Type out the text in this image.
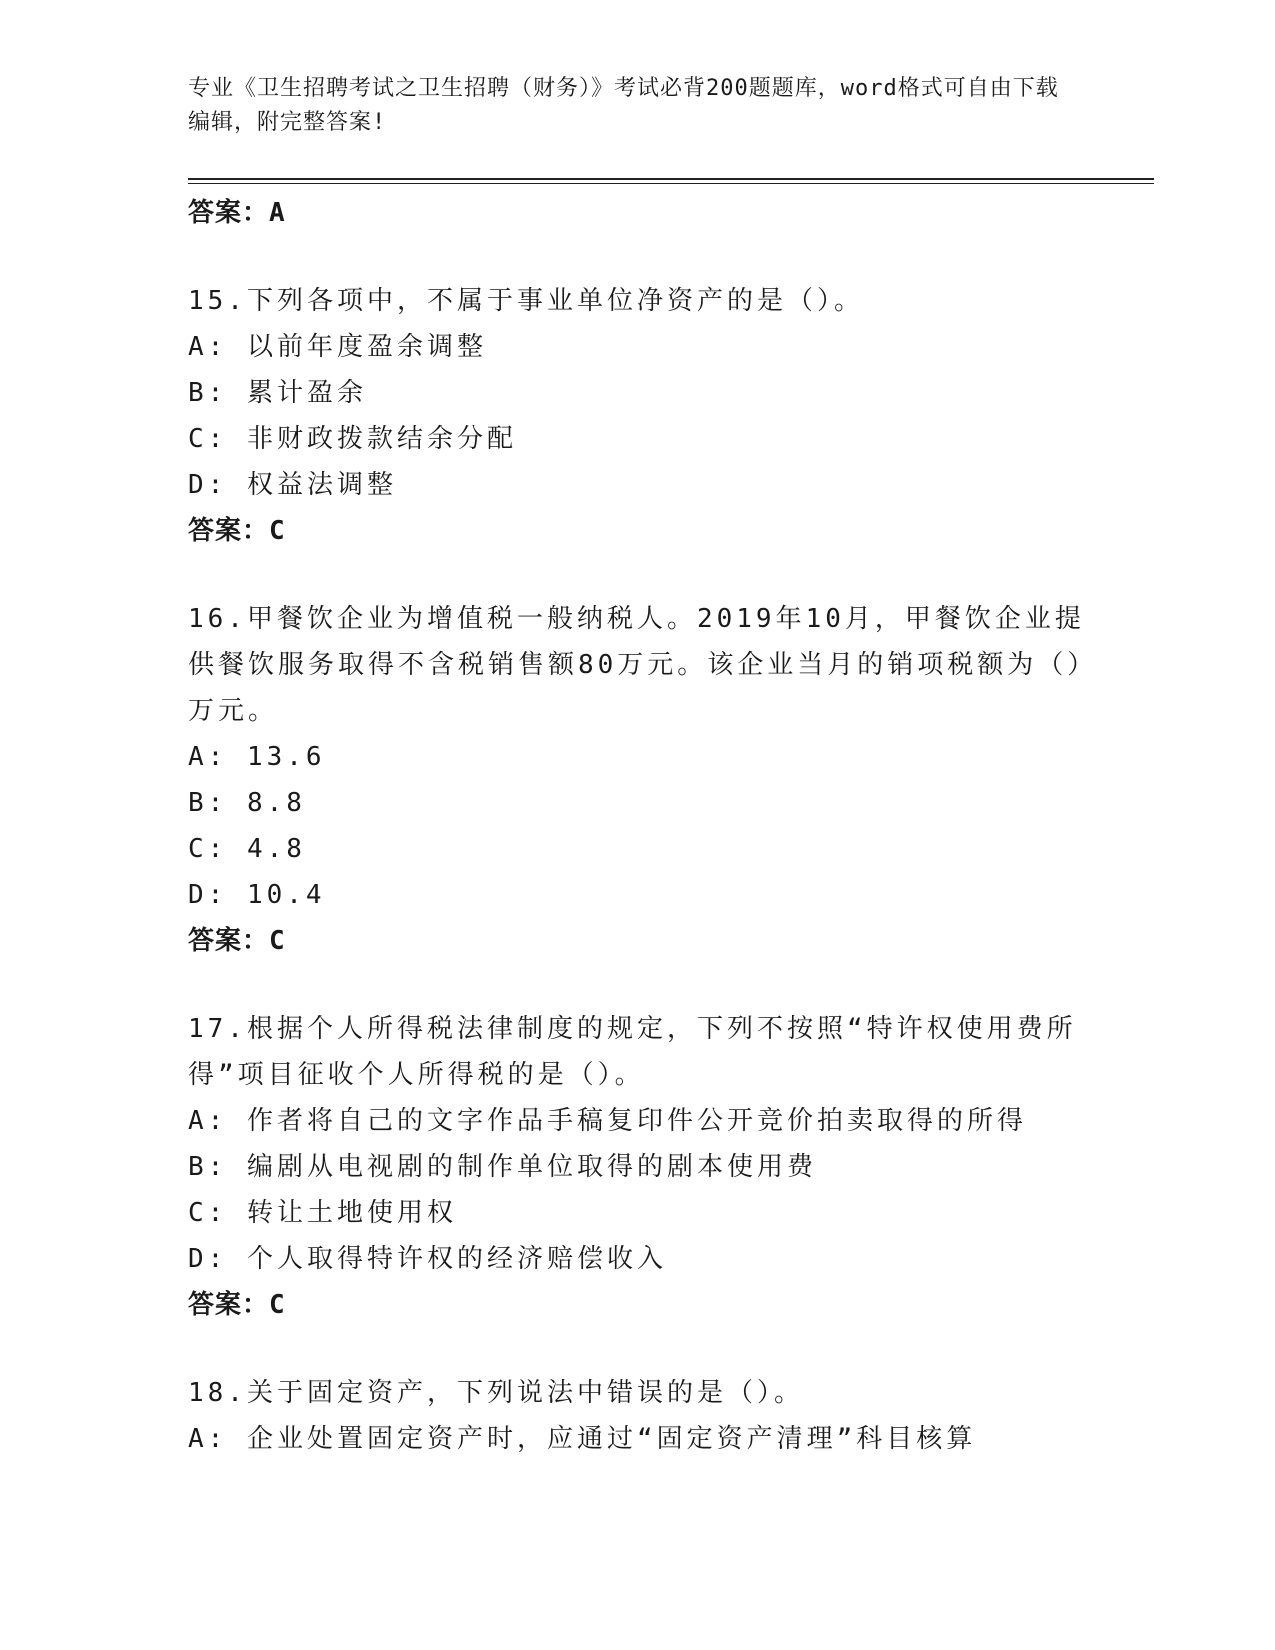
专业《卫生招聘考试之卫生招聘（财务）》考试必背200题题库，word格式可自由下载编辑，附完整答案!

答案：A

15.下列各项中，不属于事业单位净资产的是（）。

A: 以前年度盈余调整

B: 累计盈余

C: 非财政拨款结余分配

D: 权益法调整

答案：C

16.甲餐饮企业为增值税一般纳税人。2019年10月，甲餐饮企业提供餐饮服务取得不含税销售额80万元。该企业当月的销项税额为（）万元。

A: 13.6

B: 8.8

C: 4.8

D: 10.4

答案：C

17.根据个人所得税法律制度的规定，下列不按照“特许权使用费所得”项目征收个人所得税的是（）。

A: 作者将自己的文字作品手稿复印件公开竞价拍卖取得的所得

B: 编剧从电视剧的制作单位取得的剧本使用费

C: 转让土地使用权

D: 个人取得特许权的经济赔偿收入

答案：C

18.关于固定资产，下列说法中错误的是（）。

A: 企业处置固定资产时，应通过“固定资产清理”科目核算
